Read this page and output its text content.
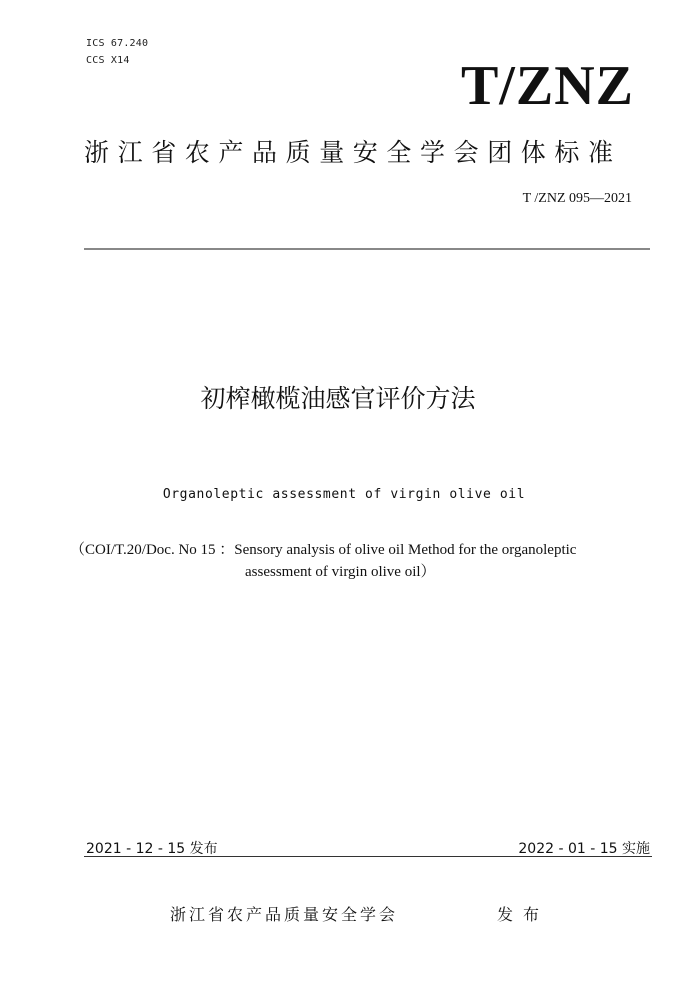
ICS 67.240
CCS X14	T/ZNZ
浙江省农产品质量安全学会团体标准
T /ZNZ 095—2021
初榨橄榄油感官评价方法
Organoleptic assessment of virgin olive oil
（COI/T.20/Doc. No 15 ：Sensory analysis of olive oil Method for the organoleptic
assessment of virgin olive oil）
2021 - 12 - 15 发布	2022 - 01 - 15 实施
浙江省农产品质量安全学会	发布
